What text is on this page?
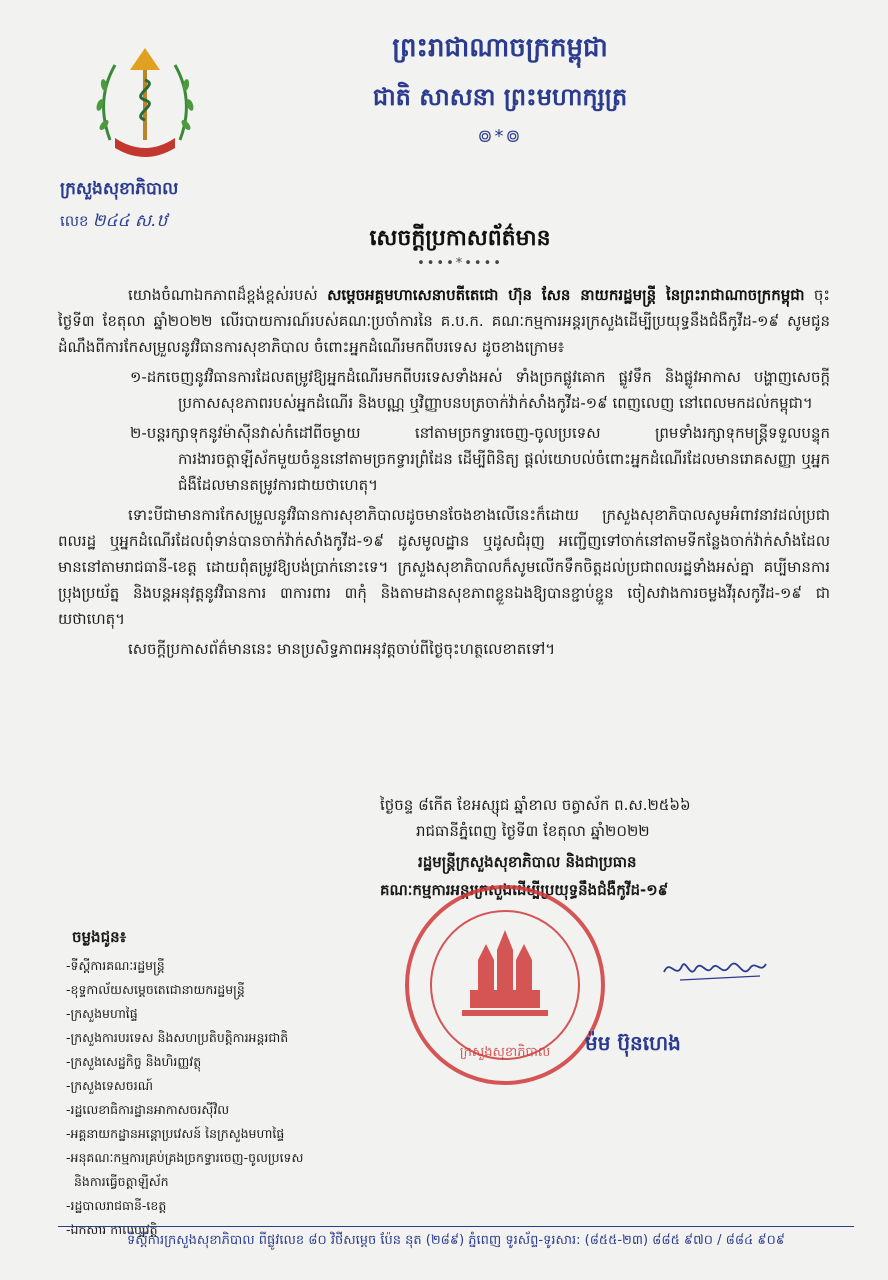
ព្រះរាជាណាចក្រកម្ពុជា
ជាតិ សាសនា ព្រះមហាក្សត្រ
៙*៙
ក្រសួងសុខាភិបាល
លេខ ២៤៤ ស.ឋ
សេចក្តីប្រកាសព័ត៌មាន
••••*••••

យោងចំណាឯកភាពដ៏ខ្ពង់ខ្ពស់របស់ សម្តេចអគ្គមហាសេនាបតីតេជោ ហ៊ុន សែន នាយករដ្ឋមន្ត្រី នៃព្រះរាជាណាចក្រកម្ពុជា ចុះថ្ងៃទី៣ ខែតុលា ឆ្នាំ២០២២ លើរបាយការណ៍របស់គណៈប្រចាំការនៃ គ.ប.ក. គណៈកម្មការអន្តរក្រសួងដើម្បីប្រយុទ្ធនឹងជំងឺកូវីដ-១៩ សូមជូនដំណឹងពីការកែសម្រួលនូវវិធានការសុខាភិបាល ចំពោះអ្នកដំណើរមកពីបរទេស ដូចខាងក្រោម៖

១-ដកចេញនូវវិធានការដែលតម្រូវឱ្យអ្នកដំណើរមកពីបរទេសទាំងអស់ ទាំងច្រកផ្លូវគោក ផ្លូវទឹក និងផ្លូវអាកាស បង្ហាញសេចក្តីប្រកាសសុខភាពរបស់អ្នកដំណើរ និងបណ្ណ ឬវិញ្ញាបនបត្រចាក់វ៉ាក់សាំងកូវីដ-១៩ ពេញលេញ នៅពេលមកដល់កម្ពុជា។

២-បន្តរក្សាទុកនូវម៉ាស៊ីនវាស់កំដៅពីចម្ងាយ នៅតាមច្រកទ្វារចេញ-ចូលប្រទេស ព្រមទាំងរក្សាទុកមន្ត្រីទទួលបន្ទុកការងារចត្តាឡីស័កមួយចំនួននៅតាមច្រកទ្វារព្រំដែន ដើម្បីពិនិត្យ ផ្តល់យោបល់ចំពោះអ្នកដំណើរដែលមានរោគសញ្ញា ឬអ្នកជំងឺដែលមានតម្រូវការជាយថាហេតុ។

ទោះបីជាមានការកែសម្រួលនូវវិធានការសុខាភិបាលដូចមានចែងខាងលើនេះក៏ដោយ ក្រសួងសុខាភិបាលសូមអំពាវនាវដល់ប្រជាពលរដ្ឋ ឬអ្នកដំណើរដែលពុំទាន់បានចាក់វ៉ាក់សាំងកូវីដ-១៩ ដូសមូលដ្ឋាន ឬដូសជំរុញ អញ្ជើញទៅចាក់នៅតាមទីកន្លែងចាក់វ៉ាក់សាំងដែលមាននៅតាមរាជធានី-ខេត្ត ដោយពុំតម្រូវឱ្យបង់ប្រាក់នោះទេ។ ក្រសួងសុខាភិបាលក៏សូមលើកទឹកចិត្តដល់ប្រជាពលរដ្ឋទាំងអស់គ្នា គប្បីមានការប្រុងប្រយ័ត្ន និងបន្តអនុវត្តនូវវិធានការ ៣ការពារ ៣កុំ និងតាមដានសុខភាពខ្លួនឯងឱ្យបានខ្ជាប់ខ្ជួន ចៀសវាងការចម្លងវីរុសកូវីដ-១៩ ជាយថាហេតុ។

សេចក្តីប្រកាសព័ត៌មាននេះ មានប្រសិទ្ធភាពអនុវត្តចាប់ពីថ្ងៃចុះហត្ថលេខាតទៅ។

ថ្ងៃចន្ទ ៨កើត ខែអស្សុជ ឆ្នាំខាល ចត្វាស័ក ព.ស.២៥៦៦
រាជធានីភ្នំពេញ ថ្ងៃទី៣ ខែតុលា ឆ្នាំ២០២២
រដ្ឋមន្ត្រីក្រសួងសុខាភិបាល និងជាប្រធាន
គណៈកម្មការអន្តរក្រសួងដើម្បីប្រយុទ្ធនឹងជំងឺកូវីដ-១៩
ក្រសួងសុខាភិបាល ម៉ម ប៊ុនហេង
ចម្លងជូន៖
-ទីស្តីការគណៈរដ្ឋមន្ត្រី
-ខុទ្ទកាល័យសម្តេចតេជោនាយករដ្ឋមន្ត្រី
-ក្រសួងមហាផ្ទៃ
-ក្រសួងការបរទេស និងសហប្រតិបត្តិការអន្តរជាតិ
-ក្រសួងសេដ្ឋកិច្ច និងហិរញ្ញវត្ថុ
-ក្រសួងទេសចរណ៍
-រដ្ឋលេខាធិការដ្ឋានអាកាសចរស៊ីវិល
-អគ្គនាយកដ្ឋានអន្តោប្រវេសន៍ នៃក្រសួងមហាផ្ទៃ
-អនុគណៈកម្មការគ្រប់គ្រងច្រកទ្វារចេញ-ចូលប្រទេស
និងការធ្វើចត្តាឡីស័ក
-រដ្ឋបាលរាជធានី-ខេត្ត
-ឯកសារ កាលប្បវត្តិ
ទីស្តីការក្រសួងសុខាភិបាល ពីផ្លូវលេខ ៨០ វិថីសម្តេច ប៉ែន នុត (២៨៩) ភ្នំពេញ ទូរស័ព្ទ-ទូរសារ: (៨៥៥-២៣) ៨៨៥ ៩៧០ / ៨៨៤ ៩០៩
